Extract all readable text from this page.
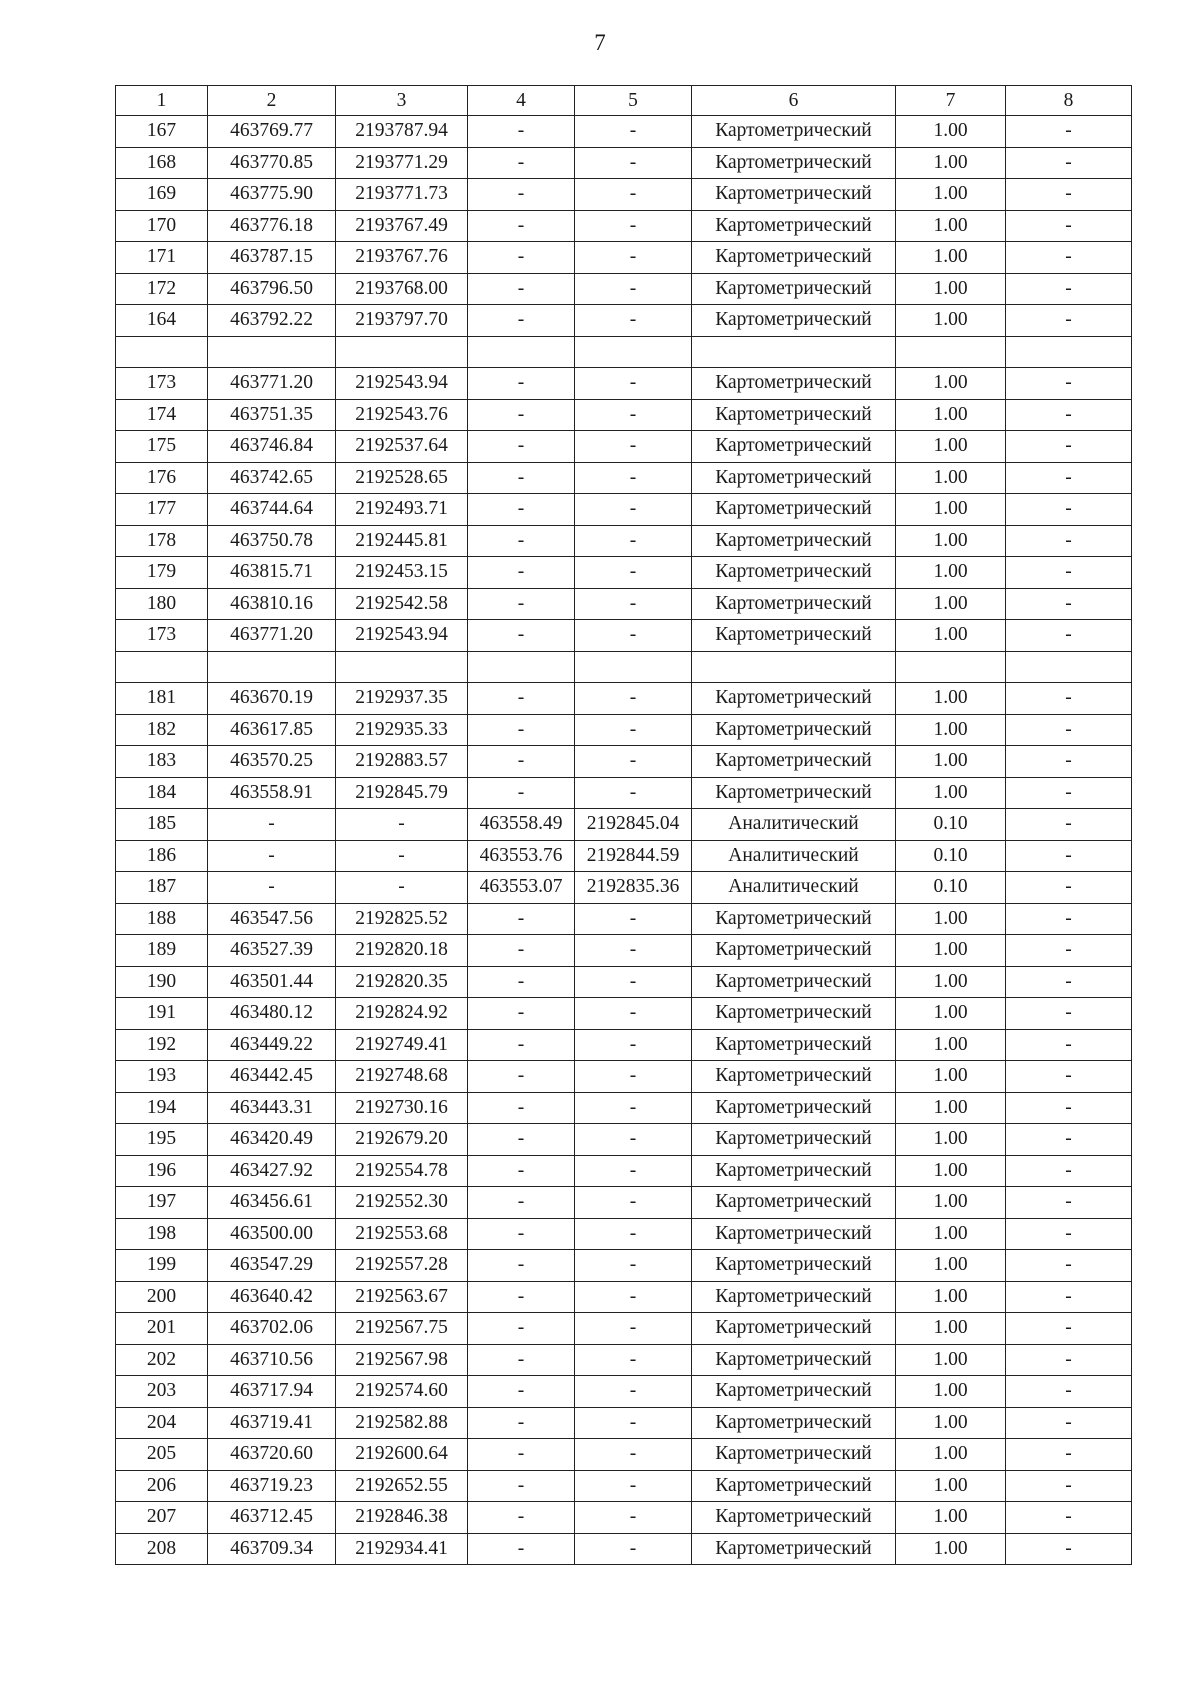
7
1	2	3	4	5	6	7	8
167	463769.77	2193787.94	-	-	Картометрический	1.00	-
168	463770.85	2193771.29	-	-	Картометрический	1.00	-
169	463775.90	2193771.73	-	-	Картометрический	1.00	-
170	463776.18	2193767.49	-	-	Картометрический	1.00	-
171	463787.15	2193767.76	-	-	Картометрический	1.00	-
172	463796.50	2193768.00	-	-	Картометрический	1.00	-
164	463792.22	2193797.70	-	-	Картометрический	1.00	-

173	463771.20	2192543.94	-	-	Картометрический	1.00	-
174	463751.35	2192543.76	-	-	Картометрический	1.00	-
175	463746.84	2192537.64	-	-	Картометрический	1.00	-
176	463742.65	2192528.65	-	-	Картометрический	1.00	-
177	463744.64	2192493.71	-	-	Картометрический	1.00	-
178	463750.78	2192445.81	-	-	Картометрический	1.00	-
179	463815.71	2192453.15	-	-	Картометрический	1.00	-
180	463810.16	2192542.58	-	-	Картометрический	1.00	-
173	463771.20	2192543.94	-	-	Картометрический	1.00	-

181	463670.19	2192937.35	-	-	Картометрический	1.00	-
182	463617.85	2192935.33	-	-	Картометрический	1.00	-
183	463570.25	2192883.57	-	-	Картометрический	1.00	-
184	463558.91	2192845.79	-	-	Картометрический	1.00	-
185	-	-	463558.49	2192845.04	Аналитический	0.10	-
186	-	-	463553.76	2192844.59	Аналитический	0.10	-
187	-	-	463553.07	2192835.36	Аналитический	0.10	-
188	463547.56	2192825.52	-	-	Картометрический	1.00	-
189	463527.39	2192820.18	-	-	Картометрический	1.00	-
190	463501.44	2192820.35	-	-	Картометрический	1.00	-
191	463480.12	2192824.92	-	-	Картометрический	1.00	-
192	463449.22	2192749.41	-	-	Картометрический	1.00	-
193	463442.45	2192748.68	-	-	Картометрический	1.00	-
194	463443.31	2192730.16	-	-	Картометрический	1.00	-
195	463420.49	2192679.20	-	-	Картометрический	1.00	-
196	463427.92	2192554.78	-	-	Картометрический	1.00	-
197	463456.61	2192552.30	-	-	Картометрический	1.00	-
198	463500.00	2192553.68	-	-	Картометрический	1.00	-
199	463547.29	2192557.28	-	-	Картометрический	1.00	-
200	463640.42	2192563.67	-	-	Картометрический	1.00	-
201	463702.06	2192567.75	-	-	Картометрический	1.00	-
202	463710.56	2192567.98	-	-	Картометрический	1.00	-
203	463717.94	2192574.60	-	-	Картометрический	1.00	-
204	463719.41	2192582.88	-	-	Картометрический	1.00	-
205	463720.60	2192600.64	-	-	Картометрический	1.00	-
206	463719.23	2192652.55	-	-	Картометрический	1.00	-
207	463712.45	2192846.38	-	-	Картометрический	1.00	-
208	463709.34	2192934.41	-	-	Картометрический	1.00	-
